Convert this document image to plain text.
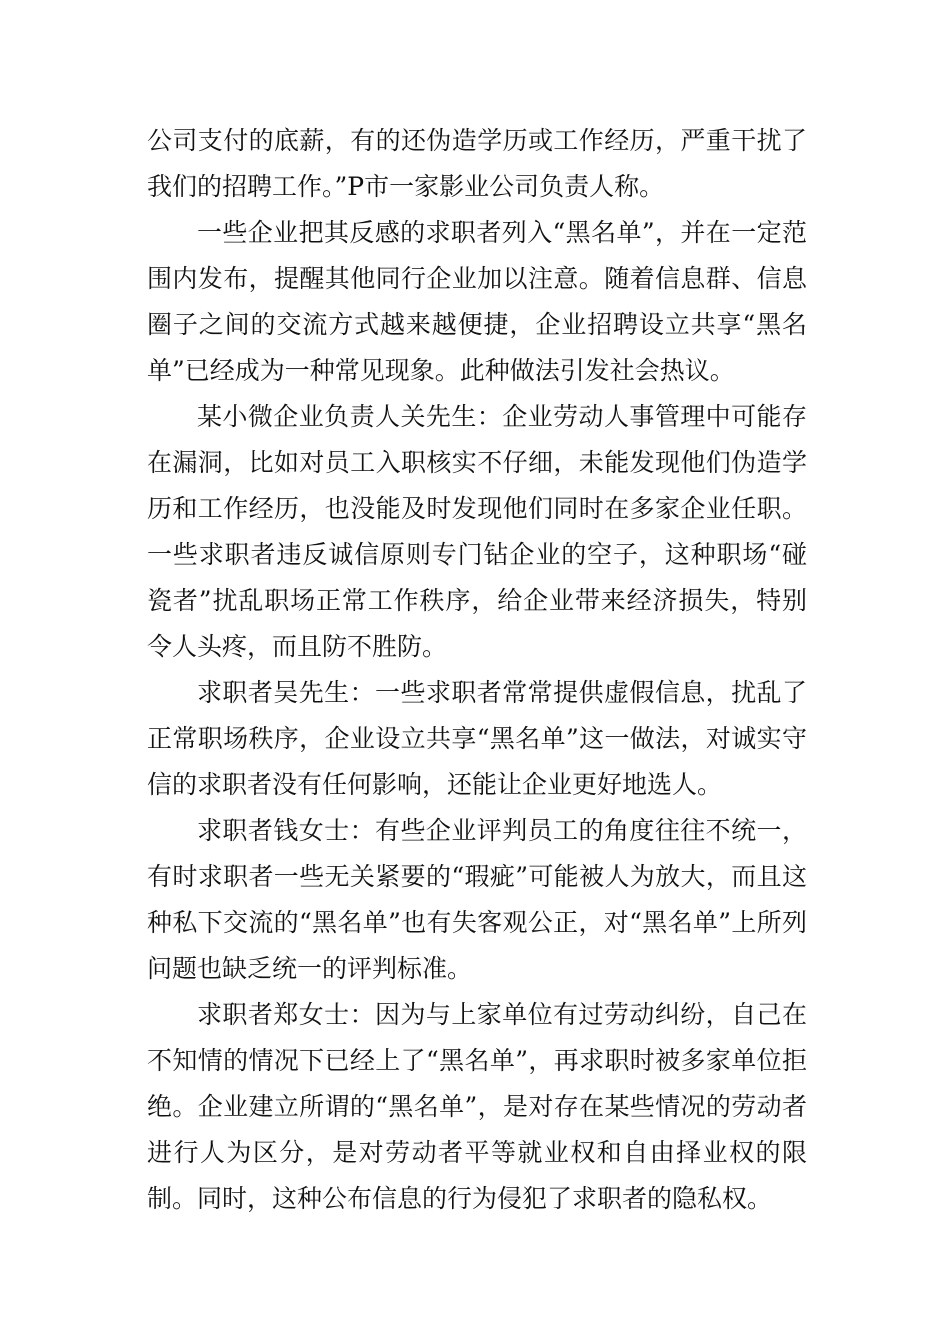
公司支付的底薪，有的还伪造学历或工作经历，严重干扰了我们的招聘工作。”P市一家影业公司负责人称。

一些企业把其反感的求职者列入“黑名单”，并在一定范围内发布，提醒其他同行企业加以注意。随着信息群、信息圈子之间的交流方式越来越便捷，企业招聘设立共享“黑名单”已经成为一种常见现象。此种做法引发社会热议。

某小微企业负责人关先生：企业劳动人事管理中可能存在漏洞，比如对员工入职核实不仔细，未能发现他们伪造学历和工作经历，也没能及时发现他们同时在多家企业任职。一些求职者违反诚信原则专门钻企业的空子，这种职场“碰瓷者”扰乱职场正常工作秩序，给企业带来经济损失，特别令人头疼，而且防不胜防。

求职者吴先生：一些求职者常常提供虚假信息，扰乱了正常职场秩序，企业设立共享“黑名单”这一做法，对诚实守信的求职者没有任何影响，还能让企业更好地选人。

求职者钱女士：有些企业评判员工的角度往往不统一，有时求职者一些无关紧要的“瑕疵”可能被人为放大，而且这种私下交流的“黑名单”也有失客观公正，对“黑名单”上所列问题也缺乏统一的评判标准。

求职者郑女士：因为与上家单位有过劳动纠纷，自己在不知情的情况下已经上了“黑名单”，再求职时被多家单位拒绝。企业建立所谓的“黑名单”，是对存在某些情况的劳动者进行人为区分，是对劳动者平等就业权和自由择业权的限制。同时，这种公布信息的行为侵犯了求职者的隐私权。
